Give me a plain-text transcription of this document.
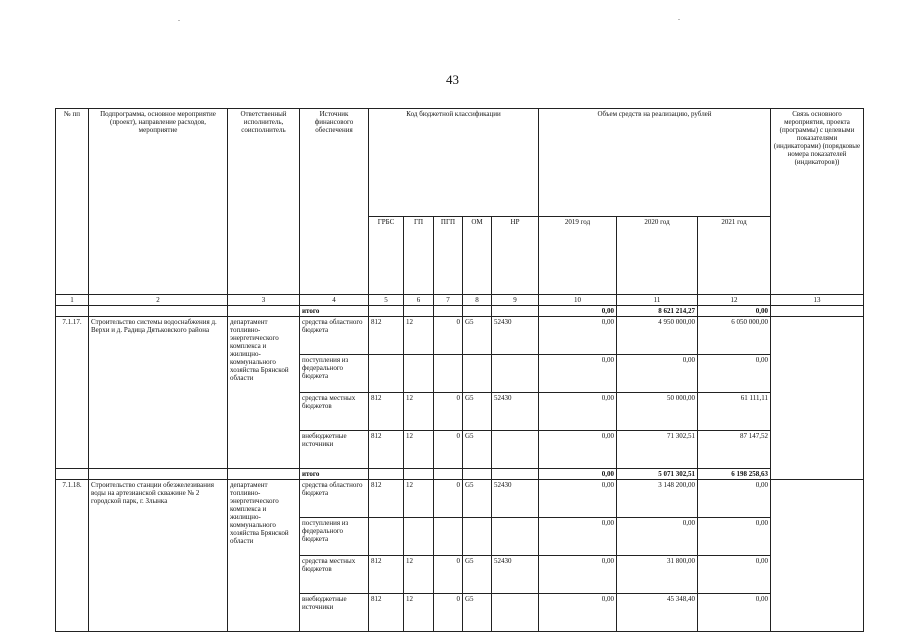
43
№ пп	Подпрограмма, основное мероприятие (проект), направление расходов, мероприятие	Ответственный исполнитель, соисполнитель	Источник финансового обеспечения	Код бюджетной классификации					Объем средств на реализацию, рублей			Связь основного мероприятия, проекта (программы) с целевыми показателями (индикаторами) (порядковые номера показателей (индикаторов))
				ГРБС	ГП	ПГП	ОМ	НР	2019 год	2020 год	2021 год	
1	2	3	4	5	6	7	8	9	10	11	12	13
			итого						0,00	8 621 214,27	0,00	
7.1.17.	Строительство системы водоснабжения д. Верхи и д. Радица Дятьковского района	департамент топливно-энергетического комплекса и жилищно-коммунального хозяйства Брянской области	средства областного бюджета	812	12	0	G5	52430	0,00	4 950 000,00	6 050 000,00	
			поступления из федерального бюджета						0,00	0,00	0,00	
			средства местных бюджетов	812	12	0	G5	52430	0,00	50 000,00	61 111,11	
			внебюджетные источники	812	12	0	G5		0,00	71 302,51	87 147,52	
			итого						0,00	5 071 302,51	6 198 258,63	
7.1.18.	Строительство станции обезжелезивания воды на артезианской скважине № 2 городской парк, г. Злынка	департамент топливно-энергетического комплекса и жилищно-коммунального хозяйства Брянской области	средства областного бюджета	812	12	0	G5	52430	0,00	3 148 200,00	0,00	
			поступления из федерального бюджета						0,00	0,00	0,00	
			средства местных бюджетов	812	12	0	G5	52430	0,00	31 800,00	0,00	
			внебюджетные источники	812	12	0	G5		0,00	45 348,40	0,00	
